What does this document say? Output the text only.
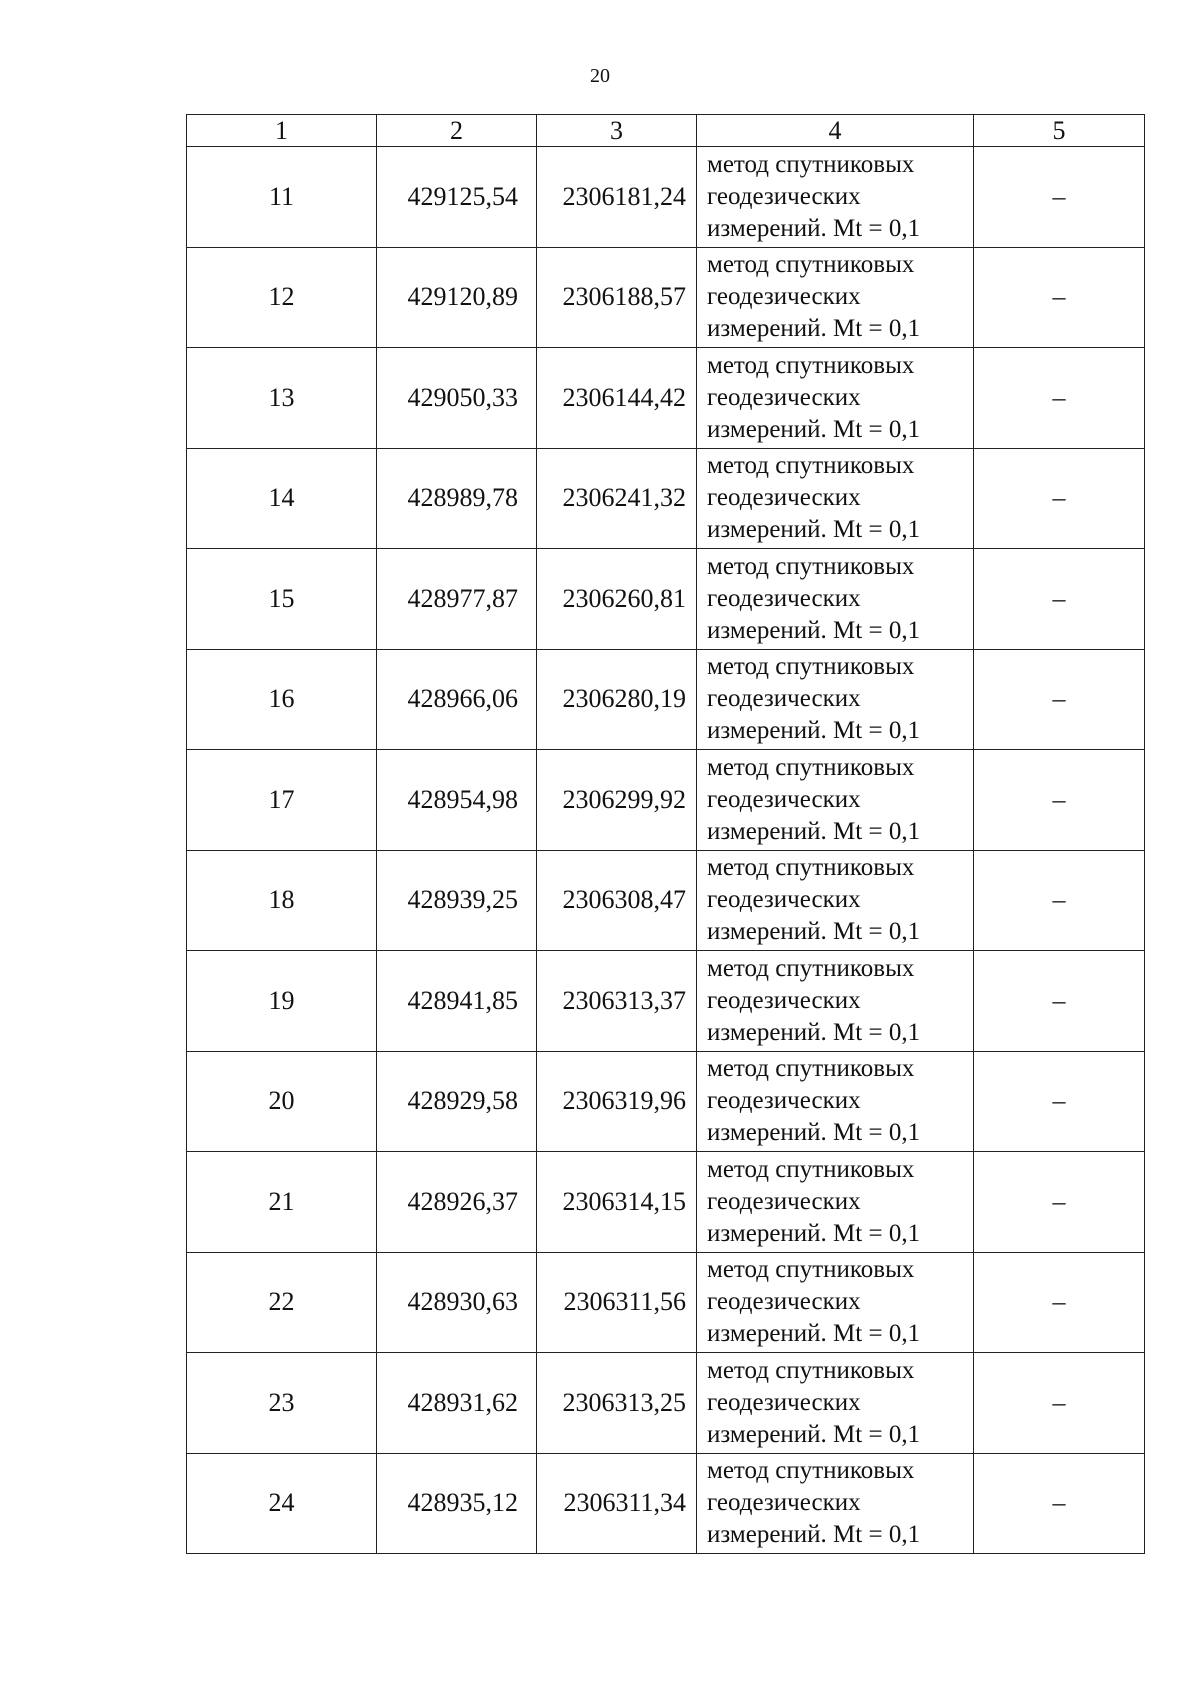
20
1	2	3	4	5
11	429125,54	2306181,24	метод спутниковых
геодезических
измерений. Mt = 0,1	–
12	429120,89	2306188,57	метод спутниковых
геодезических
измерений. Mt = 0,1	–
13	429050,33	2306144,42	метод спутниковых
геодезических
измерений. Mt = 0,1	–
14	428989,78	2306241,32	метод спутниковых
геодезических
измерений. Mt = 0,1	–
15	428977,87	2306260,81	метод спутниковых
геодезических
измерений. Mt = 0,1	–
16	428966,06	2306280,19	метод спутниковых
геодезических
измерений. Mt = 0,1	–
17	428954,98	2306299,92	метод спутниковых
геодезических
измерений. Mt = 0,1	–
18	428939,25	2306308,47	метод спутниковых
геодезических
измерений. Mt = 0,1	–
19	428941,85	2306313,37	метод спутниковых
геодезических
измерений. Mt = 0,1	–
20	428929,58	2306319,96	метод спутниковых
геодезических
измерений. Mt = 0,1	–
21	428926,37	2306314,15	метод спутниковых
геодезических
измерений. Mt = 0,1	–
22	428930,63	2306311,56	метод спутниковых
геодезических
измерений. Mt = 0,1	–
23	428931,62	2306313,25	метод спутниковых
геодезических
измерений. Mt = 0,1	–
24	428935,12	2306311,34	метод спутниковых
геодезических
измерений. Mt = 0,1	–
